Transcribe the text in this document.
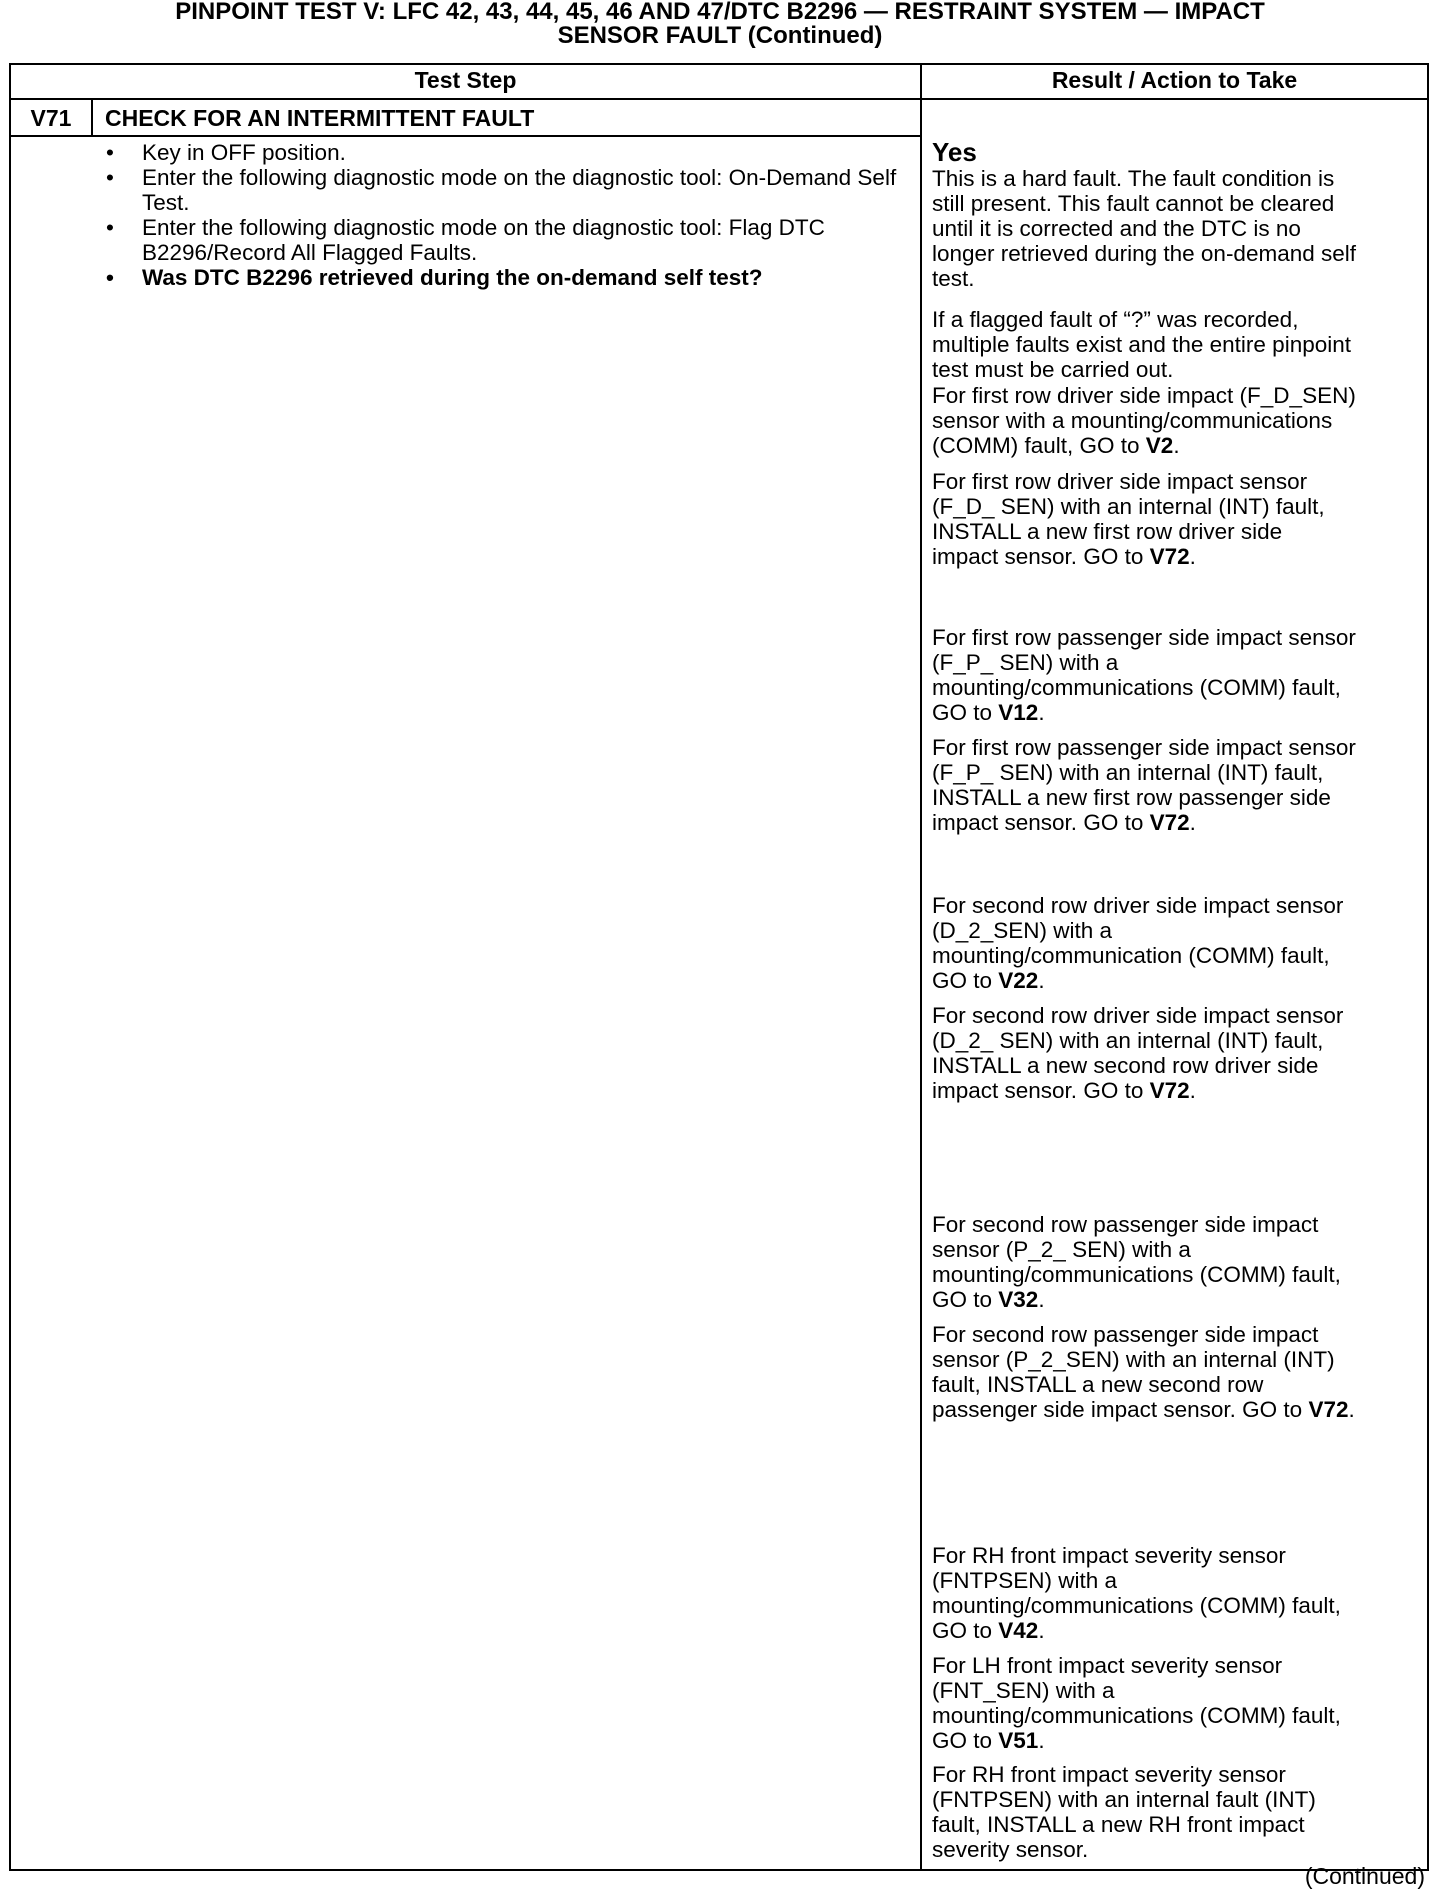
PINPOINT TEST V: LFC 42, 43, 44, 45, 46 AND 47/DTC B2296 — RESTRAINT SYSTEM — IMPACT
SENSOR FAULT (Continued)
Test Step	Result / Action to Take
V71	CHECK FOR AN INTERMITTENT FAULT
• Key in OFF position.
• Enter the following diagnostic mode on the diagnostic tool: On-Demand Self Test.
• Enter the following diagnostic mode on the diagnostic tool: Flag DTC B2296/Record All Flagged Faults.
• Was DTC B2296 retrieved during the on-demand self test?
Yes
This is a hard fault. The fault condition is
still present. This fault cannot be cleared
until it is corrected and the DTC is no
longer retrieved during the on-demand self
test.
If a flagged fault of “?” was recorded,
multiple faults exist and the entire pinpoint
test must be carried out.
For first row driver side impact (F_D_SEN)
sensor with a mounting/communications
(COMM) fault, GO to V2.
For first row driver side impact sensor
(F_D_ SEN) with an internal (INT) fault,
INSTALL a new first row driver side
impact sensor. GO to V72.
For first row passenger side impact sensor
(F_P_ SEN) with a
mounting/communications (COMM) fault,
GO to V12.
For first row passenger side impact sensor
(F_P_ SEN) with an internal (INT) fault,
INSTALL a new first row passenger side
impact sensor. GO to V72.
For second row driver side impact sensor
(D_2_SEN) with a
mounting/communication (COMM) fault,
GO to V22.
For second row driver side impact sensor
(D_2_ SEN) with an internal (INT) fault,
INSTALL a new second row driver side
impact sensor. GO to V72.
For second row passenger side impact
sensor (P_2_ SEN) with a
mounting/communications (COMM) fault,
GO to V32.
For second row passenger side impact
sensor (P_2_SEN) with an internal (INT)
fault, INSTALL a new second row
passenger side impact sensor. GO to V72.
For RH front impact severity sensor
(FNTPSEN) with a
mounting/communications (COMM) fault,
GO to V42.
For LH front impact severity sensor
(FNT_SEN) with a
mounting/communications (COMM) fault,
GO to V51.
For RH front impact severity sensor
(FNTPSEN) with an internal fault (INT)
fault, INSTALL a new RH front impact
severity sensor.
(Continued)
